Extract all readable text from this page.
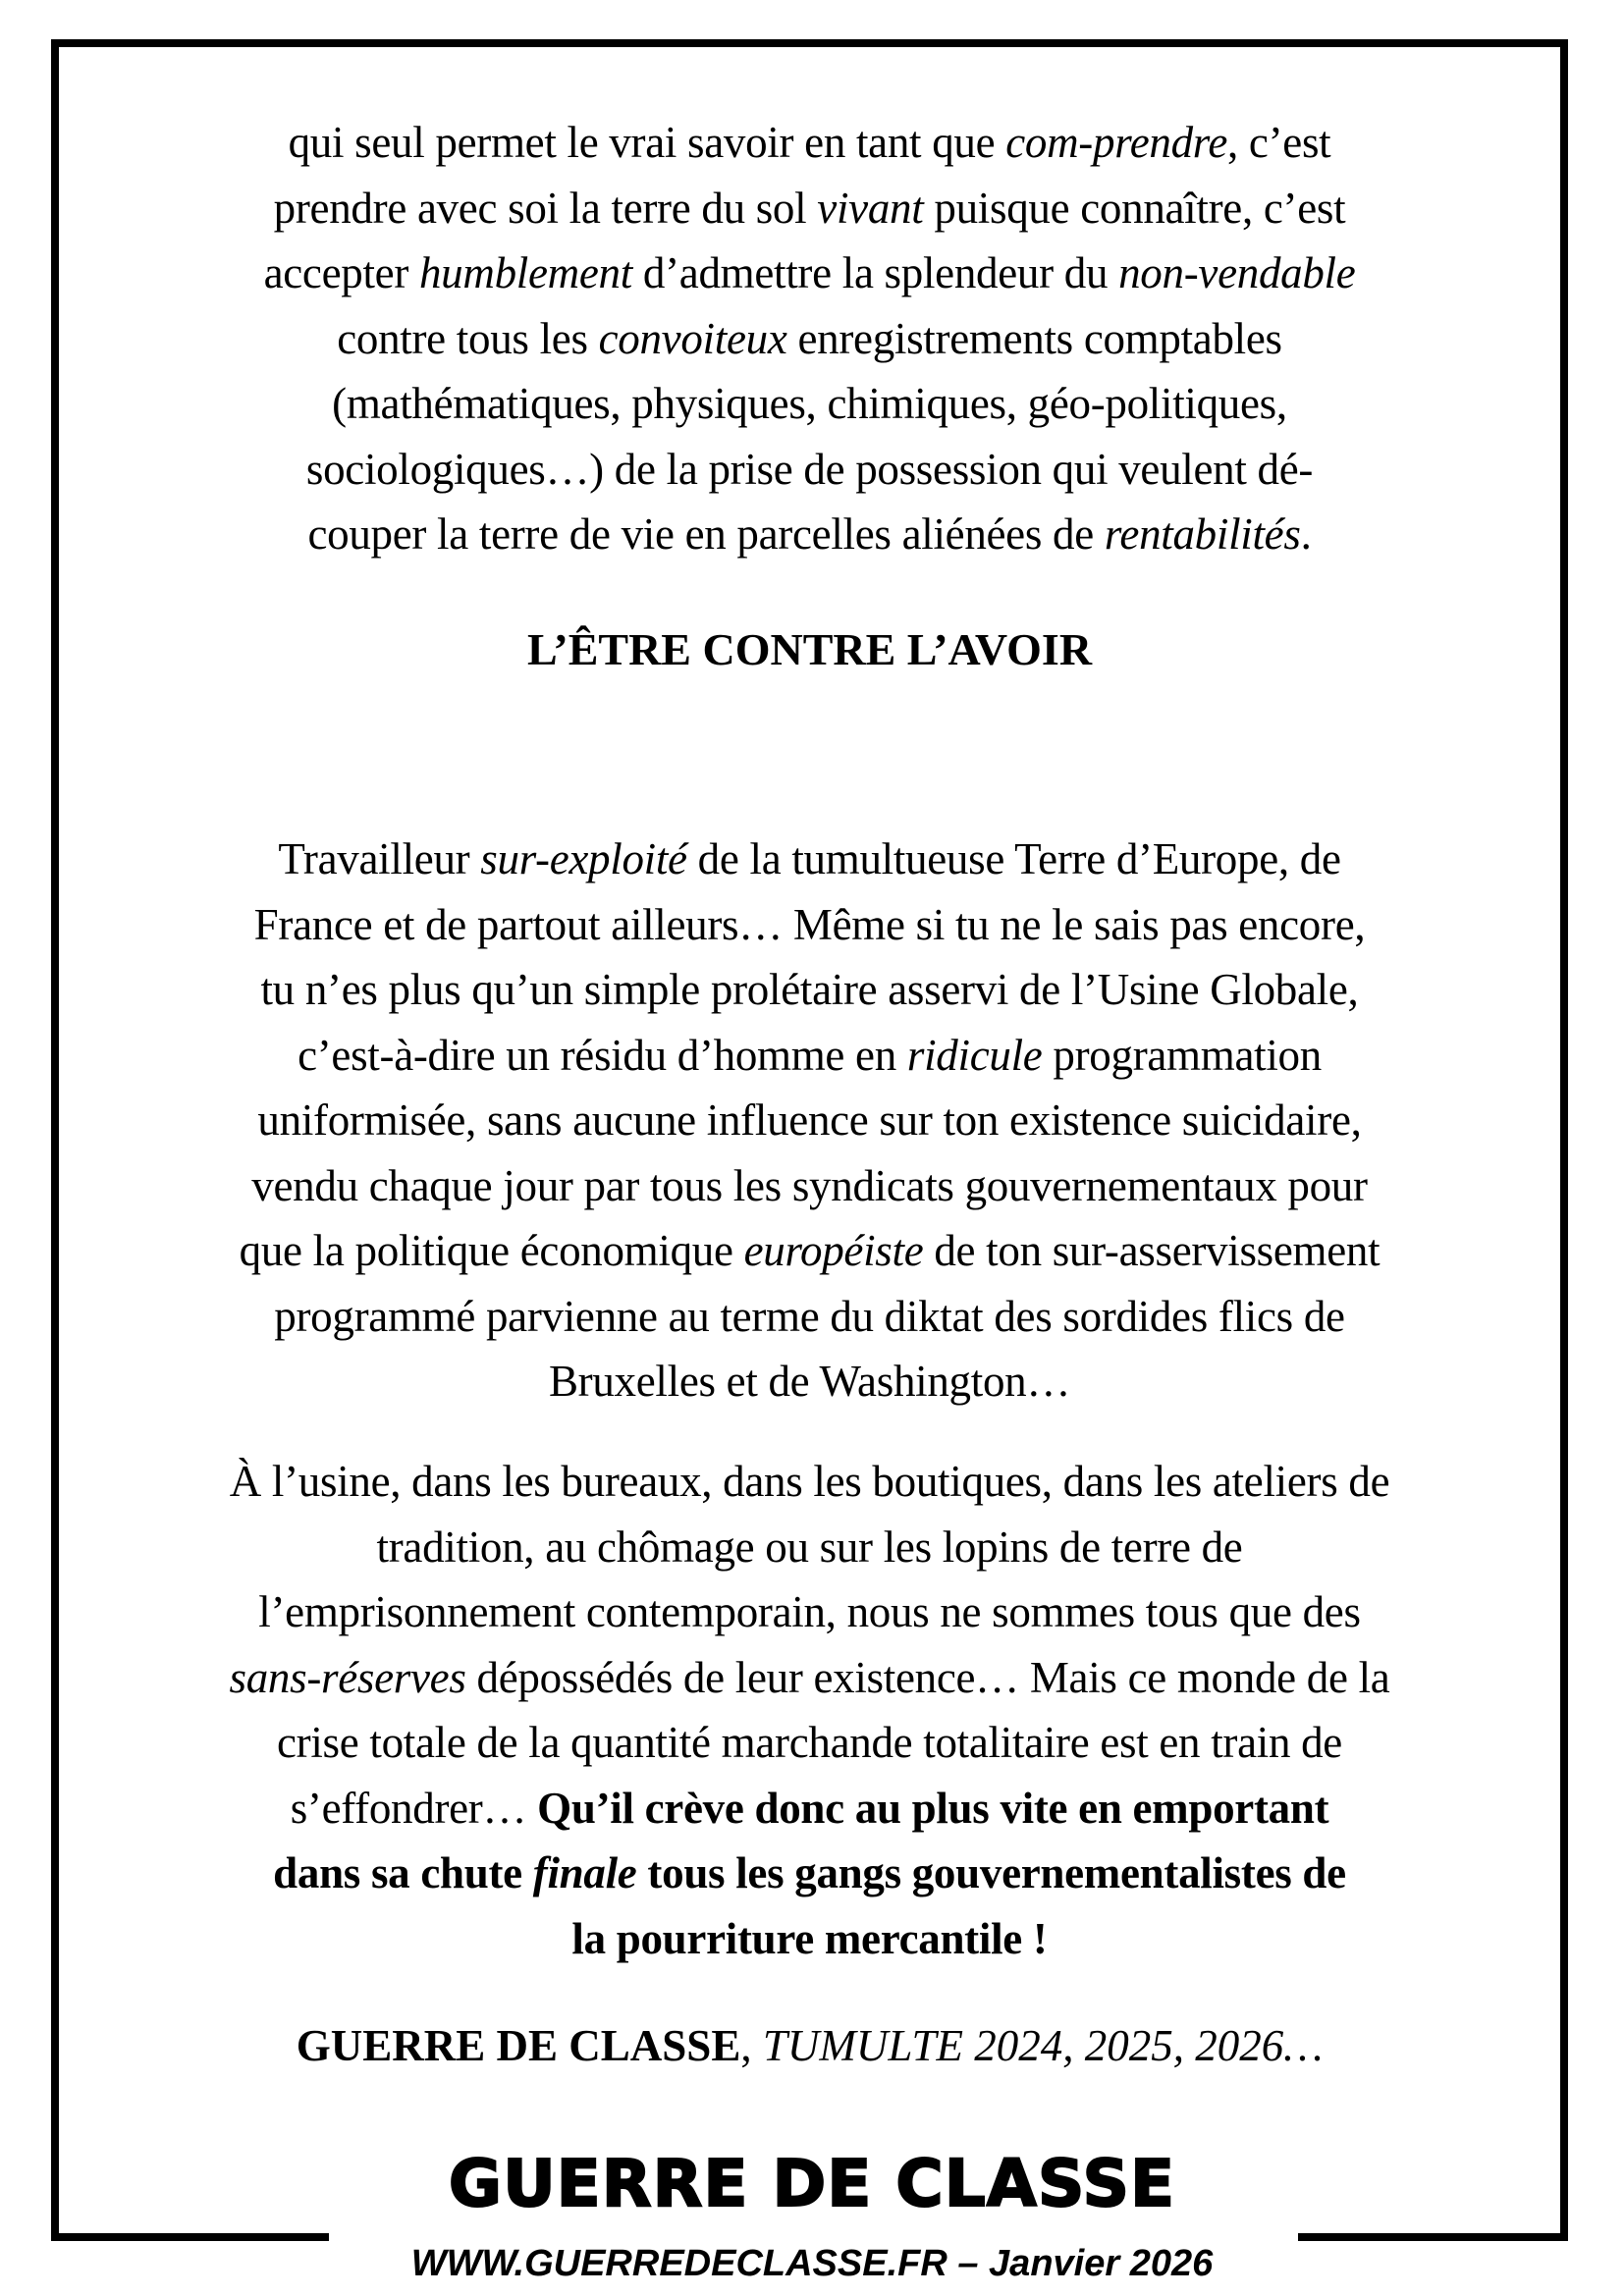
qui seul permet le vrai savoir en tant que com-prendre, c’est
prendre avec soi la terre du sol vivant puisque connaître, c’est
accepter humblement d’admettre la splendeur du non-vendable
contre tous les convoiteux enregistrements comptables
(mathématiques, physiques, chimiques, géo-politiques,
sociologiques…) de la prise de possession qui veulent dé-
couper la terre de vie en parcelles aliénées de rentabilités.
L’ÊTRE CONTRE L’AVOIR
Travailleur sur-exploité de la tumultueuse Terre d’Europe, de
France et de partout ailleurs… Même si tu ne le sais pas encore,
tu n’es plus qu’un simple prolétaire asservi de l’Usine Globale,
c’est-à-dire un résidu d’homme en ridicule programmation
uniformisée, sans aucune influence sur ton existence suicidaire,
vendu chaque jour par tous les syndicats gouvernementaux pour
que la politique économique européiste de ton sur-asservissement
programmé parvienne au terme du diktat des sordides flics de
Bruxelles et de Washington…
À l’usine, dans les bureaux, dans les boutiques, dans les ateliers de
tradition, au chômage ou sur les lopins de terre de
l’emprisonnement contemporain, nous ne sommes tous que des
sans-réserves dépossédés de leur existence… Mais ce monde de la
crise totale de la quantité marchande totalitaire est en train de
s’effondrer… Qu’il crève donc au plus vite en emportant
dans sa chute finale tous les gangs gouvernementalistes de
la pourriture mercantile !
GUERRE DE CLASSE, TUMULTE 2024, 2025, 2026…
GUERRE DE CLASSE
WWW.GUERREDECLASSE.FR – Janvier 2026
